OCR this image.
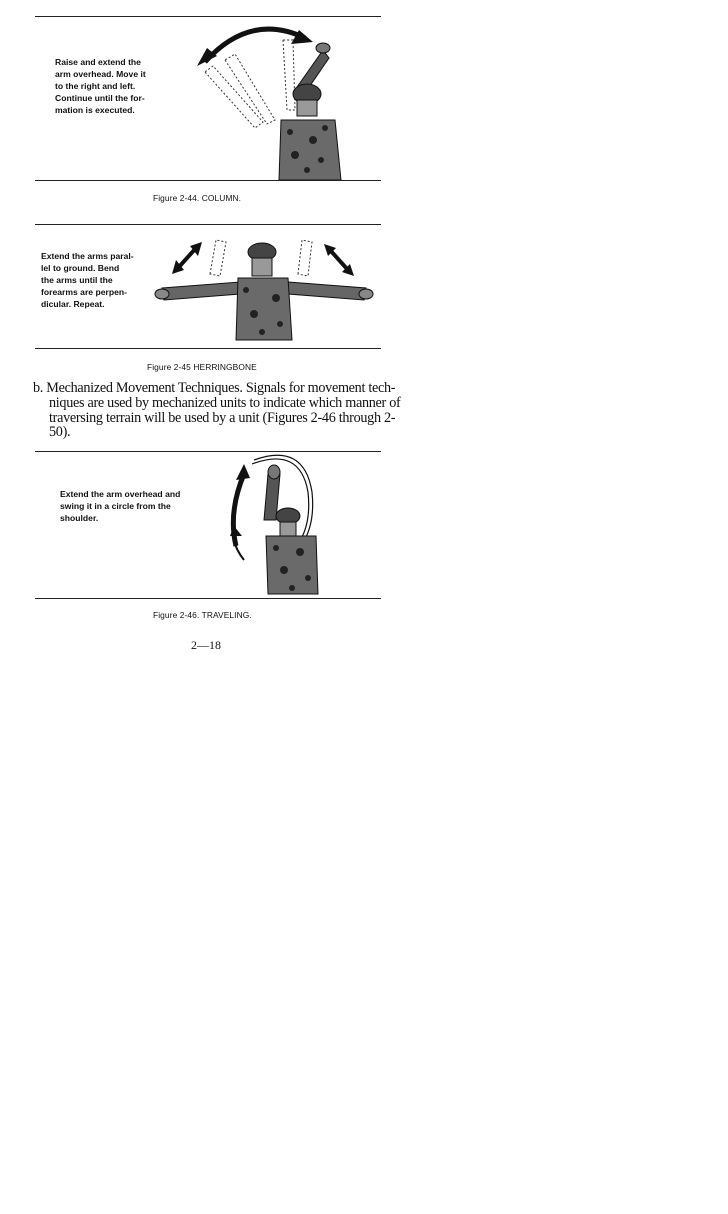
Raise and extend the
arm overhead. Move it
to the right and left.
Continue until the for-
mation is executed.
Figure 2-44. COLUMN.
Extend the arms paral-
lel to ground. Bend
the arms until the
forearms are perpen-
dicular. Repeat.
Figure 2-45 HERRINGBONE
b. Mechanized Movement Techniques. Signals for movement tech-
niques are used by mechanized units to indicate which manner of
traversing terrain will be used by a unit (Figures 2-46 through 2-
50).
Extend the arm overhead and
swing it in a circle from the
shoulder.
Figure 2-46. TRAVELING.
2—18
